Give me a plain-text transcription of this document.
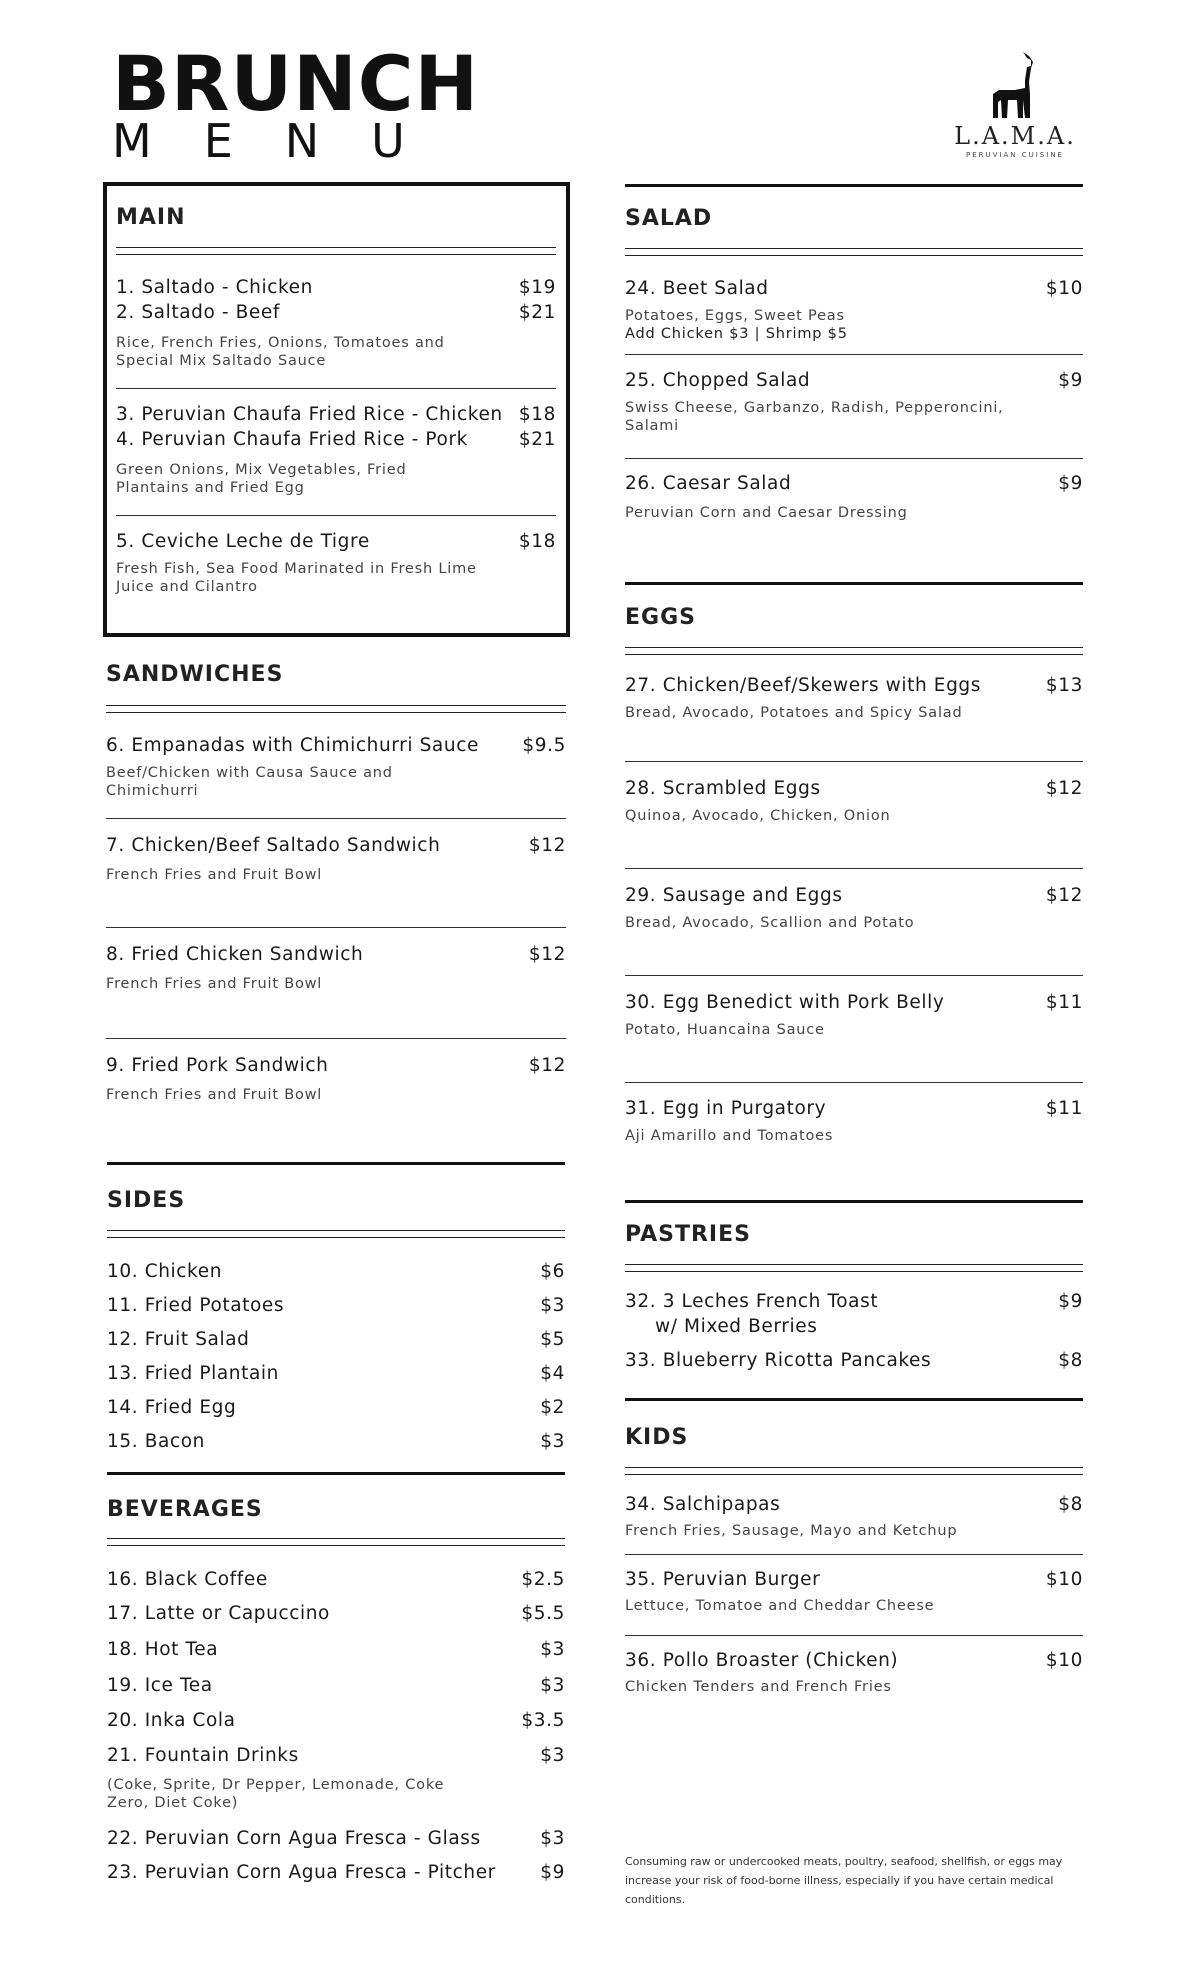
BRUNCH
MENU	L.A.M.A.
PERUVIAN CUISINE
MAIN
1. Saltado - Chicken	$19
2. Saltado - Beef	$21
Rice, French Fries, Onions, Tomatoes and Special Mix Saltado Sauce
3. Peruvian Chaufa Fried Rice - Chicken $18
4. Peruvian Chaufa Fried Rice - Pork	$21
Green Onions, Mix Vegetables, Fried Plantains and Fried Egg
5. Ceviche Leche de Tigre	$18
Fresh Fish, Sea Food Marinated in Fresh Lime Juice and Cilantro
SANDWICHES
6. Empanadas with Chimichurri Sauce $9.5
Beef/Chicken with Causa Sauce and Chimichurri
7. Chicken/Beef Saltado Sandwich	$12
French Fries and Fruit Bowl
8. Fried Chicken Sandwich	$12
French Fries and Fruit Bowl
9. Fried Pork Sandwich	$12
French Fries and Fruit Bowl
SIDES
10. Chicken	$6
11. Fried Potatoes	$3
12. Fruit Salad	$5
13. Fried Plantain	$4
14. Fried Egg	$2
15. Bacon	$3
BEVERAGES
16. Black Coffee	$2.5
17. Latte or Capuccino	$5.5
18. Hot Tea	$3
19. Ice Tea	$3
20. Inka Cola	$3.5
21. Fountain Drinks	$3
(Coke, Sprite, Dr Pepper, Lemonade, Coke Zero, Diet Coke)
22. Peruvian Corn Agua Fresca - Glass	$3
23. Peruvian Corn Agua Fresca - Pitcher $9
SALAD
24. Beet Salad	$10
Potatoes, Eggs, Sweet Peas
Add Chicken $3 | Shrimp $5
25. Chopped Salad	$9
Swiss Cheese, Garbanzo, Radish, Pepperoncini, Salami
26. Caesar Salad	$9
Peruvian Corn and Caesar Dressing
EGGS
27. Chicken/Beef/Skewers with Eggs	$13
Bread, Avocado, Potatoes and Spicy Salad
28. Scrambled Eggs	$12
Quinoa, Avocado, Chicken, Onion
29. Sausage and Eggs	$12
Bread, Avocado, Scallion and Potato
30. Egg Benedict with Pork Belly	$11
Potato, Huancaina Sauce
31. Egg in Purgatory	$11
Aji Amarillo and Tomatoes
PASTRIES
32. 3 Leches French Toast	$9
w/ Mixed Berries
33. Blueberry Ricotta Pancakes	$8
KIDS
34. Salchipapas	$8
French Fries, Sausage, Mayo and Ketchup
35. Peruvian Burger	$10
Lettuce, Tomatoe and Cheddar Cheese
36. Pollo Broaster (Chicken)	$10
Chicken Tenders and French Fries
Consuming raw or undercooked meats, poultry, seafood, shellfish, or eggs may increase your risk of food-borne illness, especially if you have certain medical conditions.
